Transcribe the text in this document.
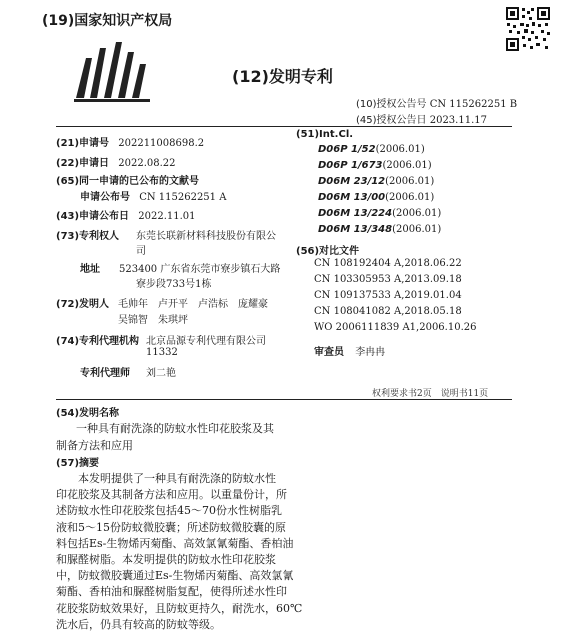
(19)国家知识产权局
(12)发明专利
(10)授权公告号 CN 115262251 B
(45)授权公告日 2023.11.17
(21)申请号 202211008698.2
(22)申请日 2022.08.22
(65)同一申请的已公布的文献号
申请公布号 CN 115262251 A
(43)申请公布日 2022.11.01
(73)专利权人 东莞长联新材料科技股份有限公
司
地址 523400 广东省东莞市寮步镇石大路
寮步段733号1栋
(72)发明人 毛帅年　卢开平　卢浩标　庞耀豪
吴锦智　朱琪坪
(74)专利代理机构 北京品源专利代理有限公司
11332
专利代理师 刘二艳
(51)Int.Cl.
D06P 1/52(2006.01)
D06P 1/673(2006.01)
D06M 23/12(2006.01)
D06M 13/00(2006.01)
D06M 13/224(2006.01)
D06M 13/348(2006.01)
(56)对比文件
CN 108192404 A,2018.06.22
CN 103305953 A,2013.09.18
CN 109137533 A,2019.01.04
CN 108041082 A,2018.05.18
WO 2006111839 A1,2006.10.26
审查员 李冉冉
权利要求书2页　说明书11页
(54)发明名称
一种具有耐洗涤的防蚊水性印花胶浆及其
制备方法和应用
(57)摘要
本发明提供了一种具有耐洗涤的防蚊水性
印花胶浆及其制备方法和应用。以重量份计，所
述防蚊水性印花胶浆包括45～70份水性树脂乳
液和5～15份防蚊微胶囊；所述防蚊微胶囊的原
料包括Es-生物烯丙菊酯、高效氯氰菊酯、香柏油
和脲醛树脂。本发明提供的防蚊水性印花胶浆
中，防蚊微胶囊通过Es-生物烯丙菊酯、高效氯氰
菊酯、香柏油和脲醛树脂复配，使得所述水性印
花胶浆防蚊效果好，且防蚊更持久，耐洗水，60℃
洗水后，仍具有较高的防蚊等级。
